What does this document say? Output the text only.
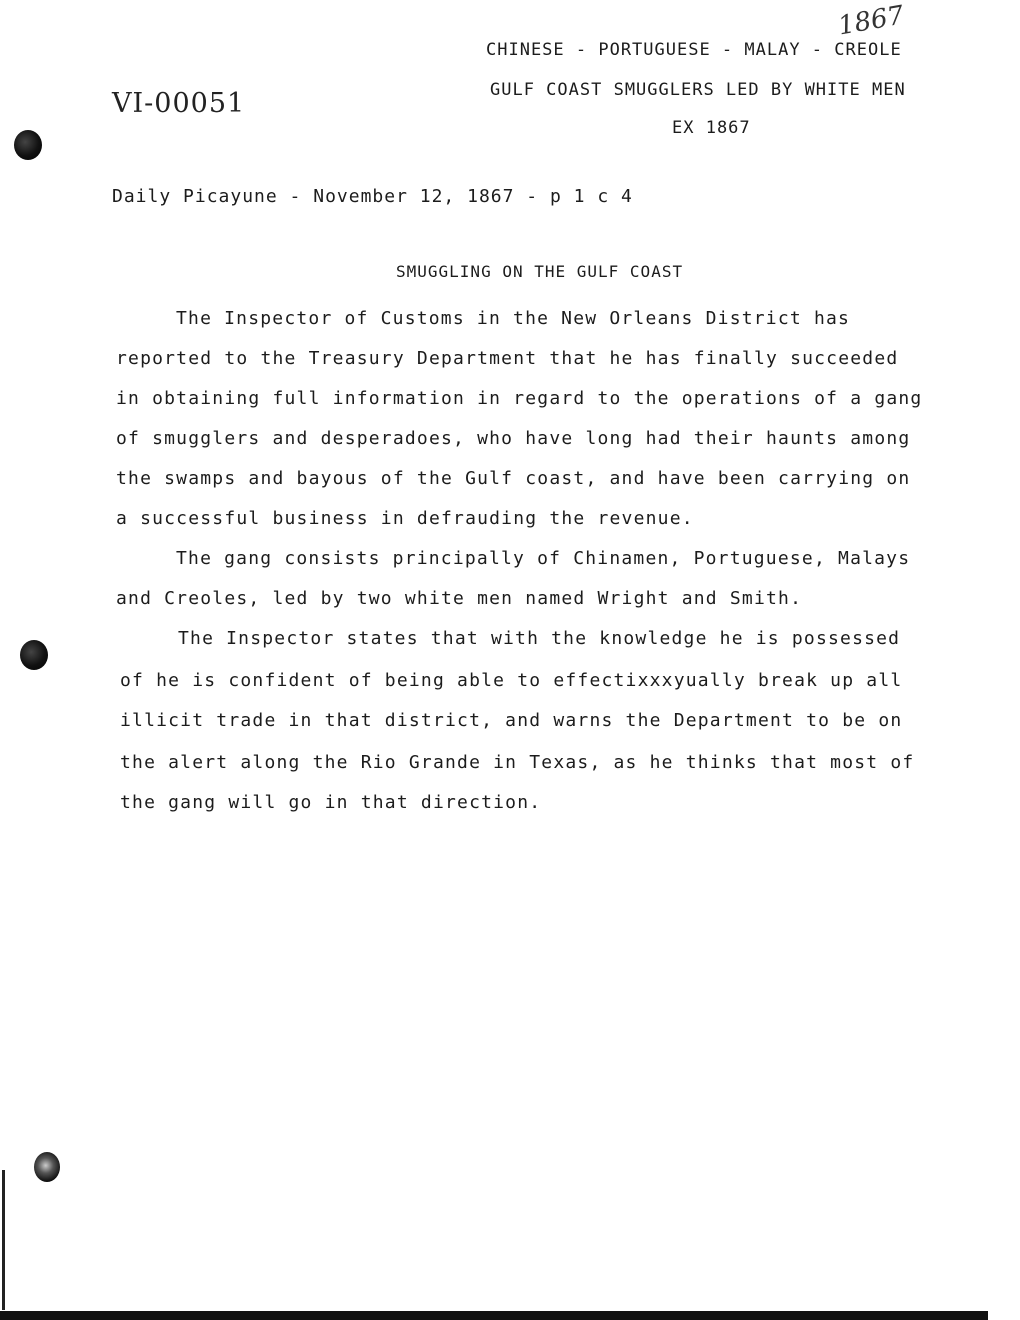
1867

VI-00051

CHINESE - PORTUGUESE - MALAY - CREOLE

GULF COAST SMUGGLERS LED BY WHITE MEN

EX 1867

Daily Picayune - November 12, 1867 - p 1 c 4

SMUGGLING ON THE GULF COAST

The Inspector of Customs in the New Orleans District has

reported to the Treasury Department that he has finally succeeded

in obtaining full information in regard to the operations of a gang

of smugglers and desperadoes, who have long had their haunts among

the swamps and bayous of the Gulf coast, and have been carrying on

a successful business in defrauding the revenue.

The gang consists principally of Chinamen, Portuguese, Malays

and Creoles, led by two white men named Wright and Smith.

The Inspector states that with the knowledge he is possessed

of he is confident of being able to effectixxxyually break up all

illicit trade in that district, and warns the Department to be on

the alert along the Rio Grande in Texas, as he thinks that most of

the gang will go in that direction.
